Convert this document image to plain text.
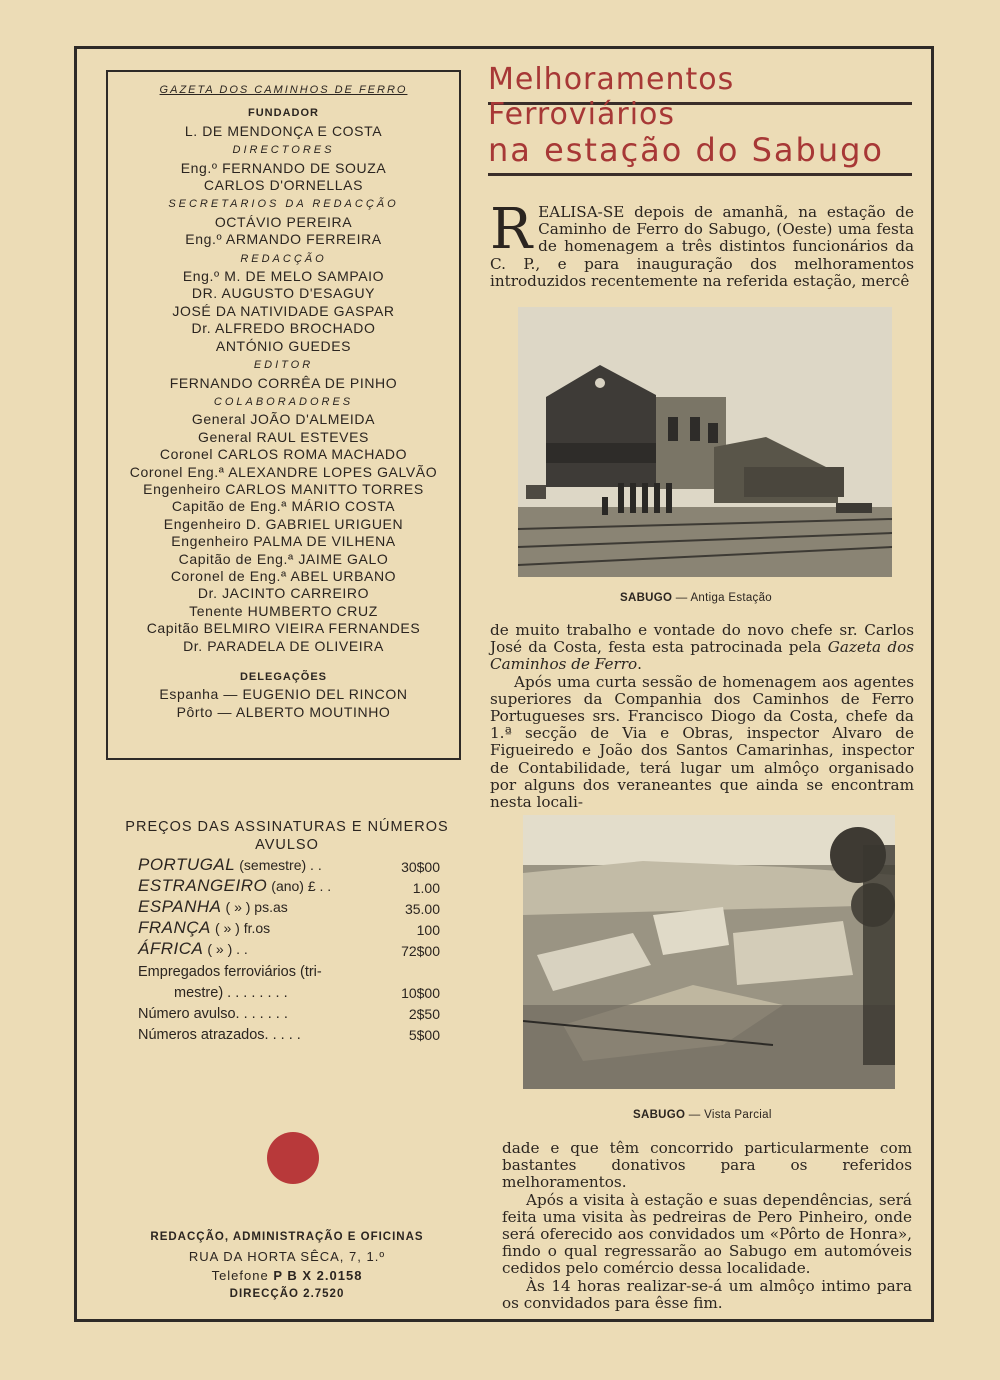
GAZETA DOS CAMINHOS DE FERRO
FUNDADOR
L. DE MENDONÇA E COSTA
DIRECTORES
Eng.º FERNANDO DE SOUZA
CARLOS D'ORNELLAS
SECRETARIOS DA REDACÇÃO
OCTÁVIO PEREIRA
Eng.º ARMANDO FERREIRA
REDACÇÃO
Eng.º M. DE MELO SAMPAIO
DR. AUGUSTO D'ESAGUY
JOSÉ DA NATIVIDADE GASPAR
Dr. ALFREDO BROCHADO
ANTÓNIO GUEDES
EDITOR
FERNANDO CORRÊA DE PINHO
COLABORADORES
General JOÃO D'ALMEIDA
General RAUL ESTEVES
Coronel CARLOS ROMA MACHADO
Coronel Eng.ª ALEXANDRE LOPES GALVÃO
Engenheiro CARLOS MANITTO TORRES
Capitão de Eng.ª MÁRIO COSTA
Engenheiro D. GABRIEL URIGUEN
Engenheiro PALMA DE VILHENA
Capitão de Eng.ª JAIME GALO
Coronel de Eng.ª ABEL URBANO
Dr. JACINTO CARREIRO
Tenente HUMBERTO CRUZ
Capitão BELMIRO VIEIRA FERNANDES
Dr. PARADELA DE OLIVEIRA
DELEGAÇÕES
Espanha — EUGENIO DEL RINCON
Pôrto — ALBERTO MOUTINHO
PREÇOS DAS ASSINATURAS E NÚMEROS
AVULSO
PORTUGAL (semestre) . .	30$00
ESTRANGEIRO (ano) £ . .	1.00
ESPANHA ( » ) ps.as	35.00
FRANÇA ( » ) fr.os	100
ÁFRICA ( » ) . .	72$00
Empregados ferroviários (tri-
mestre) . . . . . . . .	10$00
Número avulso. . . . . . .	2$50
Números atrazados. . . . .	5$00
REDACÇÃO, ADMINISTRAÇÃO E OFICINAS
RUA DA HORTA SÊCA, 7, 1.º
Telefone P B X 2.0158
DIRECÇÃO 2.7520
Melhoramentos Ferroviários
na estação do Sabugo
R EALISA-SE depois de amanhã, na estação de Caminho de Ferro do Sabugo, (Oeste) uma festa de homenagem a três distintos funcionários da C. P., e para inauguração dos melhoramentos introduzidos recentemente na referida estação, mercê

SABUGO — Antiga Estação

de muito trabalho e vontade do novo chefe sr. Carlos José da Costa, festa esta patrocinada pela Gazeta dos Caminhos de Ferro.

Após uma curta sessão de homenagem aos agentes superiores da Companhia dos Caminhos de Ferro Portugueses srs. Francisco Diogo da Costa, chefe da 1.ª secção de Via e Obras, inspector Alvaro de Figueiredo e João dos Santos Camarinhas, inspector de Contabilidade, terá lugar um almôço organisado por alguns dos veraneantes que ainda se encontram nesta locali-

SABUGO — Vista Parcial

dade e que têm concorrido particularmente com bastantes donativos para os referidos melhoramentos.

Após a visita à estação e suas dependências, será feita uma visita às pedreiras de Pero Pinheiro, onde será oferecido aos convidados um «Pôrto de Honra», findo o qual regressarão ao Sabugo em automóveis cedidos pelo comércio dessa localidade.

Às 14 horas realizar-se-á um almôço intimo para os convidados para êsse fim.
